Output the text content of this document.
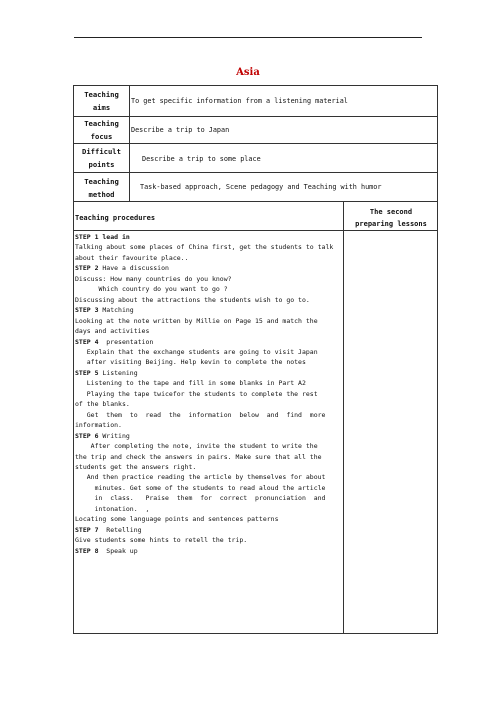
Asia
Teaching
aims
To get specific information from a listening material
Teaching
focus
Describe a trip to Japan
Difficult
points
Describe a trip to some place
Teaching
method
Task-based approach, Scene pedagogy and Teaching with humor
Teaching procedures
The second
preparing lessons
STEP 1 lead in
Talking about some places of China first, get the students to talk
about their favourite place..
STEP 2 Have a discussion
Discuss: How many countries do you know?
Which country do you want to go ?
Discussing about the attractions the students wish to go to.
STEP 3 Matching
Looking at the note written by Millie on Page 15 and match the
days and activities
STEP 4  presentation
Explain that the exchange students are going to visit Japan
after visiting Beijing. Help kevin to complete the notes
STEP 5 Listening
Listening to the tape and fill in some blanks in Part A2
Playing the tape twicefor the students to complete the rest
of the blanks.
Get  them  to  read  the  information  below  and  find  more
information.
STEP 6 Writing
After completing the note, invite the student to write the
the trip and check the answers in pairs. Make sure that all the
students get the answers right.
And then practice reading the article by themselves for about
minutes. Get some of the students to read aloud the article
in  class.   Praise  them  for  correct  pronunciation  and
intonation.  ,
Locating some language points and sentences patterns
STEP 7  Retelling
Give students some hints to retell the trip.
STEP 8  Speak up
